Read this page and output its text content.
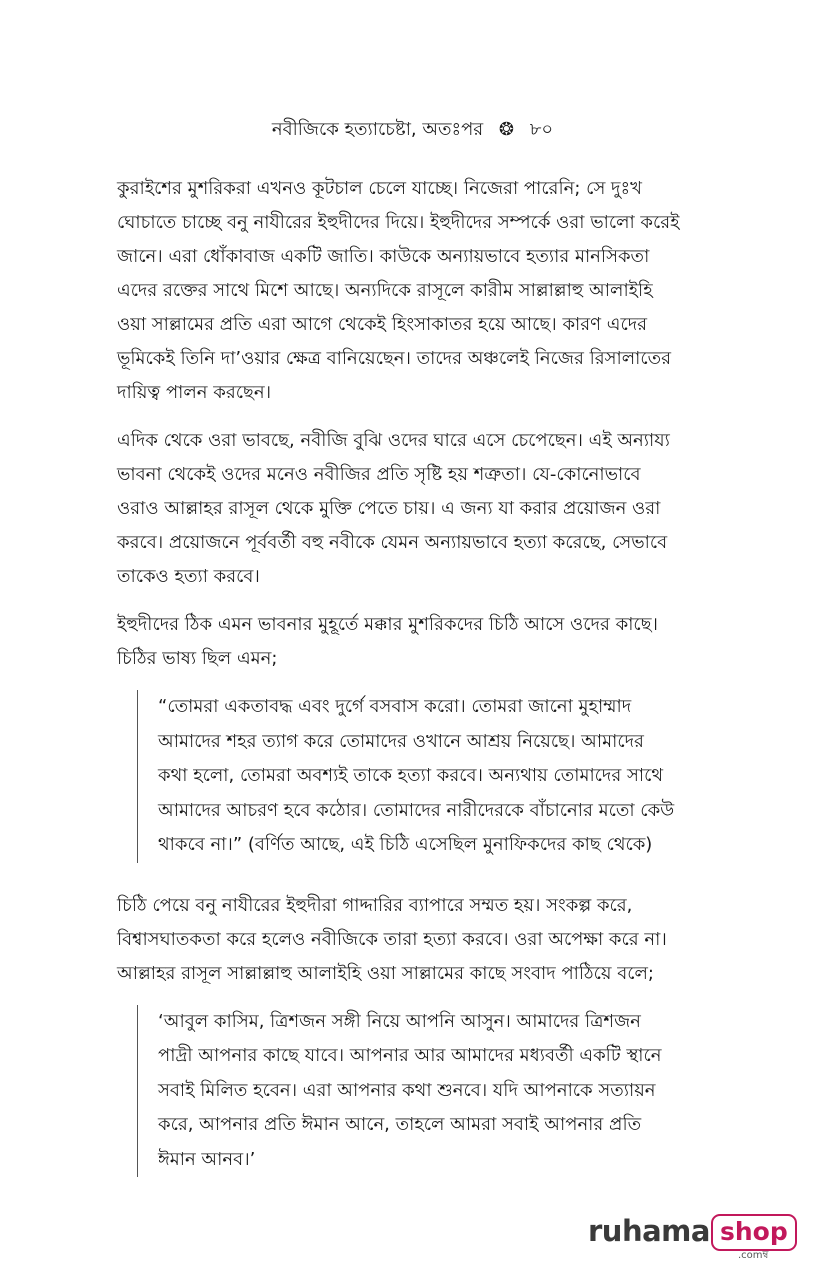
নবীজিকে হত্যাচেষ্টা, অতঃপর ❂ ৮০

কুরাইশের মুশরিকরা এখনও কূটচাল চেলে যাচ্ছে। নিজেরা পারেনি; সে দুঃখ
ঘোচাতে চাচ্ছে বনু নাযীরের ইহুদীদের দিয়ে। ইহুদীদের সম্পর্কে ওরা ভালো করেই
জানে। এরা ধোঁকাবাজ একটি জাতি। কাউকে অন্যায়ভাবে হত্যার মানসিকতা
এদের রক্তের সাথে মিশে আছে। অন্যদিকে রাসূলে কারীম সাল্লাল্লাহু আলাইহি
ওয়া সাল্লামের প্রতি এরা আগে থেকেই হিংসাকাতর হয়ে আছে। কারণ এদের
ভূমিকেই তিনি দা’ওয়ার ক্ষেত্র বানিয়েছেন। তাদের অঞ্চলেই নিজের রিসালাতের
দায়িত্ব পালন করছেন।

এদিক থেকে ওরা ভাবছে, নবীজি বুঝি ওদের ঘারে এসে চেপেছেন। এই অন্যায্য
ভাবনা থেকেই ওদের মনেও নবীজির প্রতি সৃষ্টি হয় শত্রুতা। যে-কোনোভাবে
ওরাও আল্লাহর রাসূল থেকে মুক্তি পেতে চায়। এ জন্য যা করার প্রয়োজন ওরা
করবে। প্রয়োজনে পূর্ববর্তী বহু নবীকে যেমন অন্যায়ভাবে হত্যা করেছে, সেভাবে
তাকেও হত্যা করবে।

ইহুদীদের ঠিক এমন ভাবনার মুহূর্তে মক্কার মুশরিকদের চিঠি আসে ওদের কাছে।
চিঠির ভাষ্য ছিল এমন;

“তোমরা একতাবদ্ধ এবং দুর্গে বসবাস করো। তোমরা জানো মুহাম্মাদ

আমাদের শহর ত্যাগ করে তোমাদের ওখানে আশ্রয় নিয়েছে। আমাদের

কথা হলো, তোমরা অবশ্যই তাকে হত্যা করবে। অন্যথায় তোমাদের সাথে

আমাদের আচরণ হবে কঠোর। তোমাদের নারীদেরকে বাঁচানোর মতো কেউ

থাকবে না।” (বর্ণিত আছে, এই চিঠি এসেছিল মুনাফিকদের কাছ থেকে)

চিঠি পেয়ে বনু নাযীরের ইহুদীরা গাদ্দারির ব্যাপারে সম্মত হয়। সংকল্প করে,
বিশ্বাসঘাতকতা করে হলেও নবীজিকে তারা হত্যা করবে। ওরা অপেক্ষা করে না।
আল্লাহর রাসূল সাল্লাল্লাহু আলাইহি ওয়া সাল্লামের কাছে সংবাদ পাঠিয়ে বলে;

‘আবুল কাসিম, ত্রিশজন সঙ্গী নিয়ে আপনি আসুন। আমাদের ত্রিশজন

পাদ্রী আপনার কাছে যাবে। আপনার আর আমাদের মধ্যবর্তী একটি স্থানে

সবাই মিলিত হবেন। এরা আপনার কথা শুনবে। যদি আপনাকে সত্যায়ন

করে, আপনার প্রতি ঈমান আনে, তাহলে আমরা সবাই আপনার প্রতি

ঈমান আনব।’

ruhama shop
.comম্ব
